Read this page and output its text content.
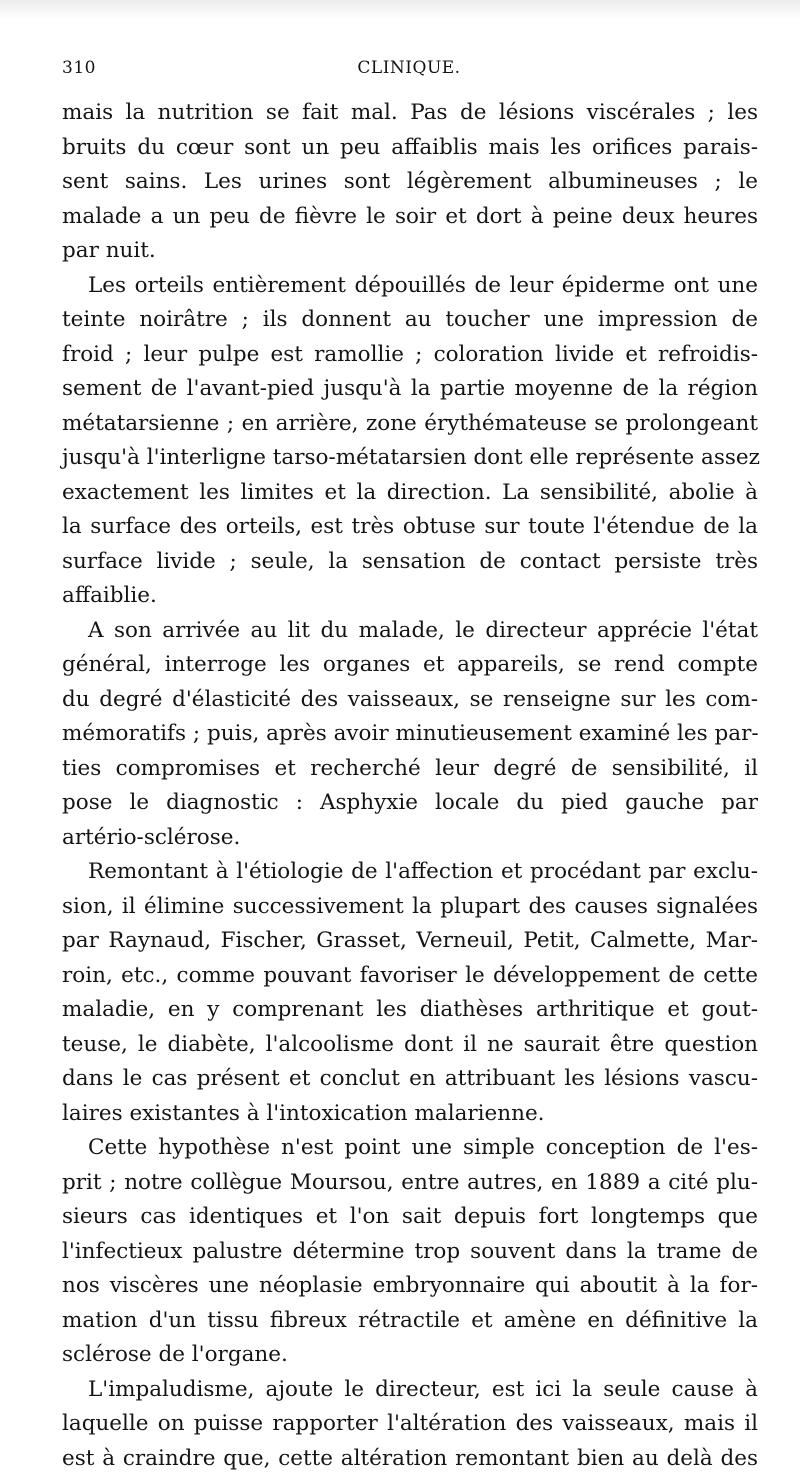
310	CLINIQUE.
mais la nutrition se fait mal. Pas de lésions viscérales ; les
bruits du cœur sont un peu affaiblis mais les orifices parais-
sent sains. Les urines sont légèrement albumineuses ; le
malade a un peu de fièvre le soir et dort à peine deux heures
par nuit.
Les orteils entièrement dépouillés de leur épiderme ont une
teinte noirâtre ; ils donnent au toucher une impression de
froid ; leur pulpe est ramollie ; coloration livide et refroidis-
sement de l'avant-pied jusqu'à la partie moyenne de la région
métatarsienne ; en arrière, zone érythémateuse se prolongeant
jusqu'à l'interligne tarso-métatarsien dont elle représente assez
exactement les limites et la direction. La sensibilité, abolie à
la surface des orteils, est très obtuse sur toute l'étendue de la
surface livide ; seule, la sensation de contact persiste très
affaiblie.
A son arrivée au lit du malade, le directeur apprécie l'état
général, interroge les organes et appareils, se rend compte
du degré d'élasticité des vaisseaux, se renseigne sur les com-
mémoratifs ; puis, après avoir minutieusement examiné les par-
ties compromises et recherché leur degré de sensibilité, il
pose le diagnostic : Asphyxie locale du pied gauche par
artério-sclérose.
Remontant à l'étiologie de l'affection et procédant par exclu-
sion, il élimine successivement la plupart des causes signalées
par Raynaud, Fischer, Grasset, Verneuil, Petit, Calmette, Mar-
roin, etc., comme pouvant favoriser le développement de cette
maladie, en y comprenant les diathèses arthritique et gout-
teuse, le diabète, l'alcoolisme dont il ne saurait être question
dans le cas présent et conclut en attribuant les lésions vascu-
laires existantes à l'intoxication malarienne.
Cette hypothèse n'est point une simple conception de l'es-
prit ; notre collègue Moursou, entre autres, en 1889 a cité plu-
sieurs cas identiques et l'on sait depuis fort longtemps que
l'infectieux palustre détermine trop souvent dans la trame de
nos viscères une néoplasie embryonnaire qui aboutit à la for-
mation d'un tissu fibreux rétractile et amène en définitive la
sclérose de l'organe.
L'impaludisme, ajoute le directeur, est ici la seule cause à
laquelle on puisse rapporter l'altération des vaisseaux, mais il
est à craindre que, cette altération remontant bien au delà des
